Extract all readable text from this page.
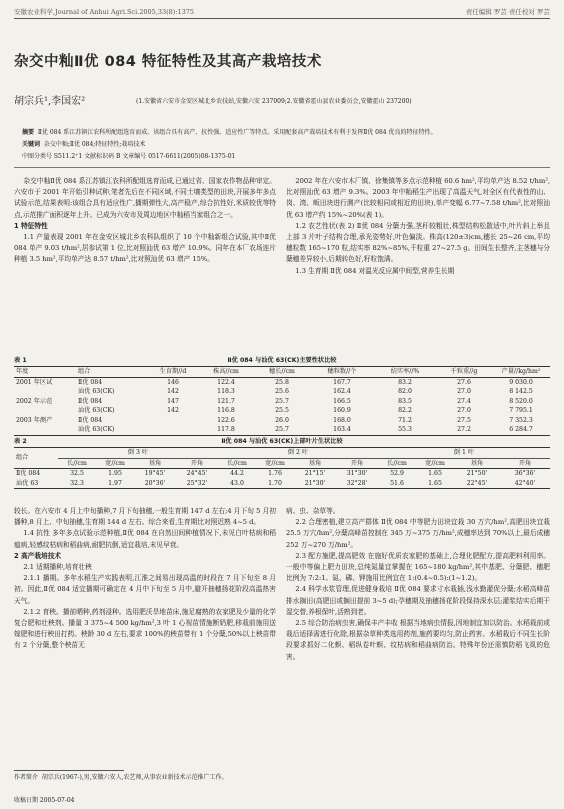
安徽农业科学,Journal of Anhui Agri.Sci.2005,33(8):1375	责任编辑 罗芸 责任校对 罗芸
杂交中籼Ⅱ优 084 特征特性及其高产栽培技术
胡宗兵¹,李国宏²	(1.安徽省六安市金安区城北乡农技站,安徽六安 237009;2.安徽省霍山县农业委员会,安徽霍山 237200)
摘要 Ⅱ优 084 系江苏镇江农科所配组选育而成。该组合具有高产、抗性强、适应性广等特点。采用配套高产栽培技术有利于发挥Ⅱ优 084 优良的特征特性。
关键词 杂交中籼;Ⅱ优 084;特征特性;栽培技术
中图分类号 S511.2⁺1 文献标识码 B 文章编号 0517-6611(2005)08-1375-01

杂交中籼Ⅱ优 084 系江苏镇江农科所配组选育而成,已通过省、国家农作物品种审定。六安市于 2001 年开始引种试种,笔者先后在不同区域,不同土壤类型的田块,开展多年多点试验示范,结果表明:该组合具有适应性广,播期弹性大,高产稳产,综合抗性好,米质较优等特点,示范推广面积逐年上升。已成为六安市及周边地区中籼稻当家组合之一。

1 特征特性

1.1 产量表现 2001 年在金安区城北乡农科队组织了 10 个中籼新组合试验,其中Ⅱ优 084 单产 9.03 t/hm²,居参试第 1 位,比对照汕优 63 增产 10.9%。同年在本厂农场连片种植 3.5 hm²,平均单产达 8.57 t/hm²,比对照汕优 63 增产 15%。

2002 年在六安市木厂镇、徐集镇等多点示范种植 60.6 hm²,平均单产达 8.52 t/hm²,比对照汕优 63 增产 9.3%。2003 年中籼稻生产出现了高温天气,对全区有代表性的山、岗、湾、畈田块进行测产(比较相同或相近的田块),单产变幅 6.77~7.58 t/hm²,比对照汕优 63 增产约 15%~20%(表 1)。

1.2 农艺性状(表 2) Ⅱ优 084 分蘖力强,茎秆较粗壮,株型结构松散适中,叶片斜上举且上部 3 片叶子结构合理,承光姿势好,叶色偏淡。株高(120±3)cm,穗长 25~26 cm,平均穗粒数 165~170 粒,结实率 82%~85%,千粒重 27~27.5 g。田间生长整齐,主茎穗与分蘖穗差异较小,后期转色好,籽粒饱满。

1.3 生育期 Ⅱ优 084 对温光反应属中间型,营养生长期

表 1	Ⅱ优 084 与汕优 63(CK)主要性状比较
年度	组合	生育期//d	株高//cm	穗长//cm	穗粒数//个	结实率//%	千粒重//g	产量//kg/hm²
2001 年区试	Ⅱ优 084	146	122.4	25.8	167.7	83.2	27.6	9 030.0
	汕优 63(CK)	142	118.3	25.6	162.4	82.0	27.0	8 142.5
2002 年示范	Ⅱ优 084	147	121.7	25.7	166.5	83.5	27.4	8 520.0
	汕优 63(CK)	142	116.8	25.5	160.9	82.2	27.0	7 795.1
2003 年测产	Ⅱ优 084		122.6	26.0	168.0	71.2	27.5	7 352.3
	汕优 63(CK)		117.8	25.7	163.4	55.3	27.2	6 284.7
表 2	Ⅱ优 084 与汕优 63(CK)上部叶片生状比较
组合	倒 3 叶				倒 2 叶				倒 1 叶			
	长//cm	宽//cm	基角	开角	长//cm	宽//cm	基角	开角	长//cm	宽//cm	基角	开角
Ⅱ优 084	32.5	1.95	19°45'	24°45'	44.2	1.76	21°15'	31°30'	52.9	1.65	21°50'	36°36'
汕优 63	32.3	1.97	20°36'	25°32'	43.0	1.70	21°30'	32°28'	51.6	1.65	22°45'	42°40'

较长。在六安市 4 月上中旬播种,7 月下旬抽穗,一般生育期 147 d 左右;4 月下旬 5 月初播种,8 月上、中旬抽穗,生育期 144 d 左右。综合来看,生育期比对照迟熟 4~5 d。

1.4 抗性 多年多点试验示范种植,Ⅱ优 084 在自然田间种植情况下,未见白叶枯病和稻瘟病,轻感纹枯病和稻曲病,耐肥抗倒,适宜栽培,未见早衰。

2 高产栽培技术

2.1 适期播种,培育壮秧

2.1.1 播期。多年水稻生产实践表明,江淮之间易出现高温的时段在 7 月下旬至 8 月初。因此,Ⅱ优 084 适宜播期可确定在 4 月中下旬至 5 月中,避开抽穗扬花阶段高温热害天气。

2.1.2 育秧。播前晒种,药剂浸种。选用肥沃旱地苗床,施足腐熟的农家肥及少量的化学复合肥和壮秧剂。播量 3 375~4 500 kg/hm²,3 叶 1 心视苗情施断奶肥,移栽前施用送嫁肥和进行秧田打药。秧龄 30 d 左右,要求 100%的秧苗带有 1 个分蘖,50%以上秧苗带有 2 个分蘖,整个秧苗无

病、虫、杂草等。

2.2 合理密植,建立高产群体 Ⅱ优 084 中等肥力田块宜栽 30 万穴/hm²,高肥田块宜栽 25.5 万穴/hm²,分蘖高峰苗控制在 345 万~375 万/hm²,成穗率达到 70%以上,最后成穗 252 万~270 万/hm²。

2.3 配方施肥,提高肥效 在施好优质农家肥的基础上,合理化肥配方,提高肥料利用率。一般中等偏上肥力田块,总纯氮量宜掌握在 165~180 kg/hm²,其中基肥、分蘖肥、穗肥比例为 7:2:1。氮、磷、钾施用比例宜在 1:(0.4~0.5):(1~1.2)。

2.4 科学水浆管理,促进健身栽培 Ⅱ优 084 要求寸水栽插,浅水勤灌促分蘖;水稻高峰苗排水搁田(高肥田或搁田提前 3~5 d);孕穗期及抽穗扬花阶段保持深水层;灌浆结实后期干湿交替,养根保叶,活熟到老。

2.5 综合防治病虫害,确保丰产丰收 根据当地病虫情报,因地制宜加以防治。水稻栽前或栽后适择需进行化除,根据杂草种类选用药剂,施药要均匀,防止药害。水稻栽后不同生长阶段要求抓好二化螟、稻纵卷叶螟、纹枯病和稻曲病防治。特殊年份还需慎防稻飞虱的危害。

作者简介 胡宗兵(1967-),男,安徽六安人,农艺师,从事农业新技术示范推广工作。
收稿日期 2005-07-04
